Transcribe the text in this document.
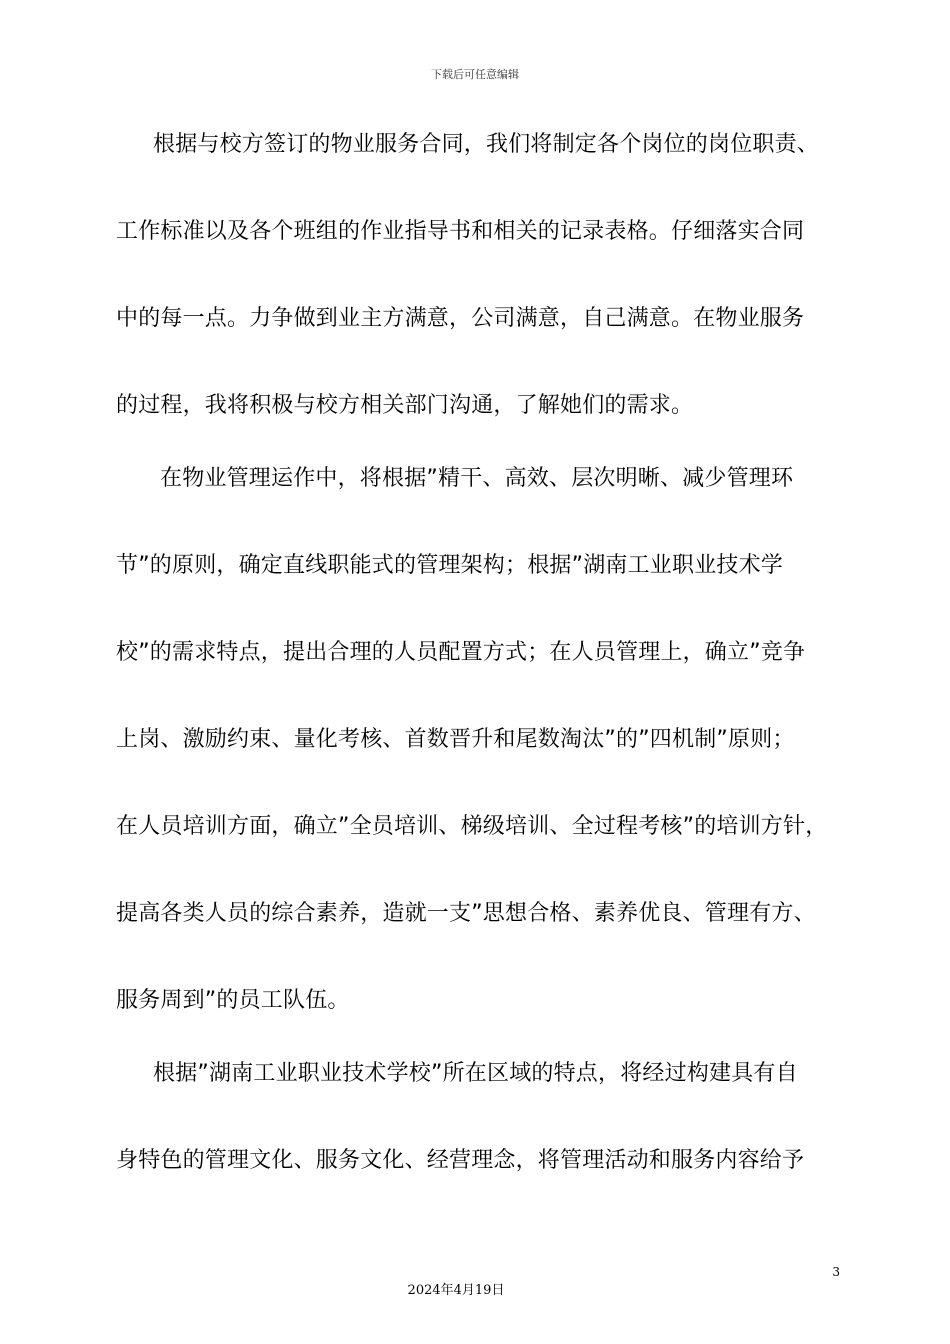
下载后可任意编辑
根据与校方签订的物业服务合同，我们将制定各个岗位的岗位职责、
工作标准以及各个班组的作业指导书和相关的记录表格。仔细落实合同
中的每一点。力争做到业主方满意，公司满意，自己满意。在物业服务
的过程，我将积极与校方相关部门沟通，了解她们的需求。
在物业管理运作中，将根据”精干、高效、层次明晰、减少管理环
节”的原则，确定直线职能式的管理架构；根据”湖南工业职业技术学
校”的需求特点，提出合理的人员配置方式；在人员管理上，确立”竞争
上岗、激励约束、量化考核、首数晋升和尾数淘汰”的”四机制”原则；
在人员培训方面，确立”全员培训、梯级培训、全过程考核”的培训方针，
提高各类人员的综合素养，造就一支”思想合格、素养优良、管理有方、
服务周到”的员工队伍。
根据”湖南工业职业技术学校”所在区域的特点，将经过构建具有自
身特色的管理文化、服务文化、经营理念，将管理活动和服务内容给予
3
2024年4月19日
